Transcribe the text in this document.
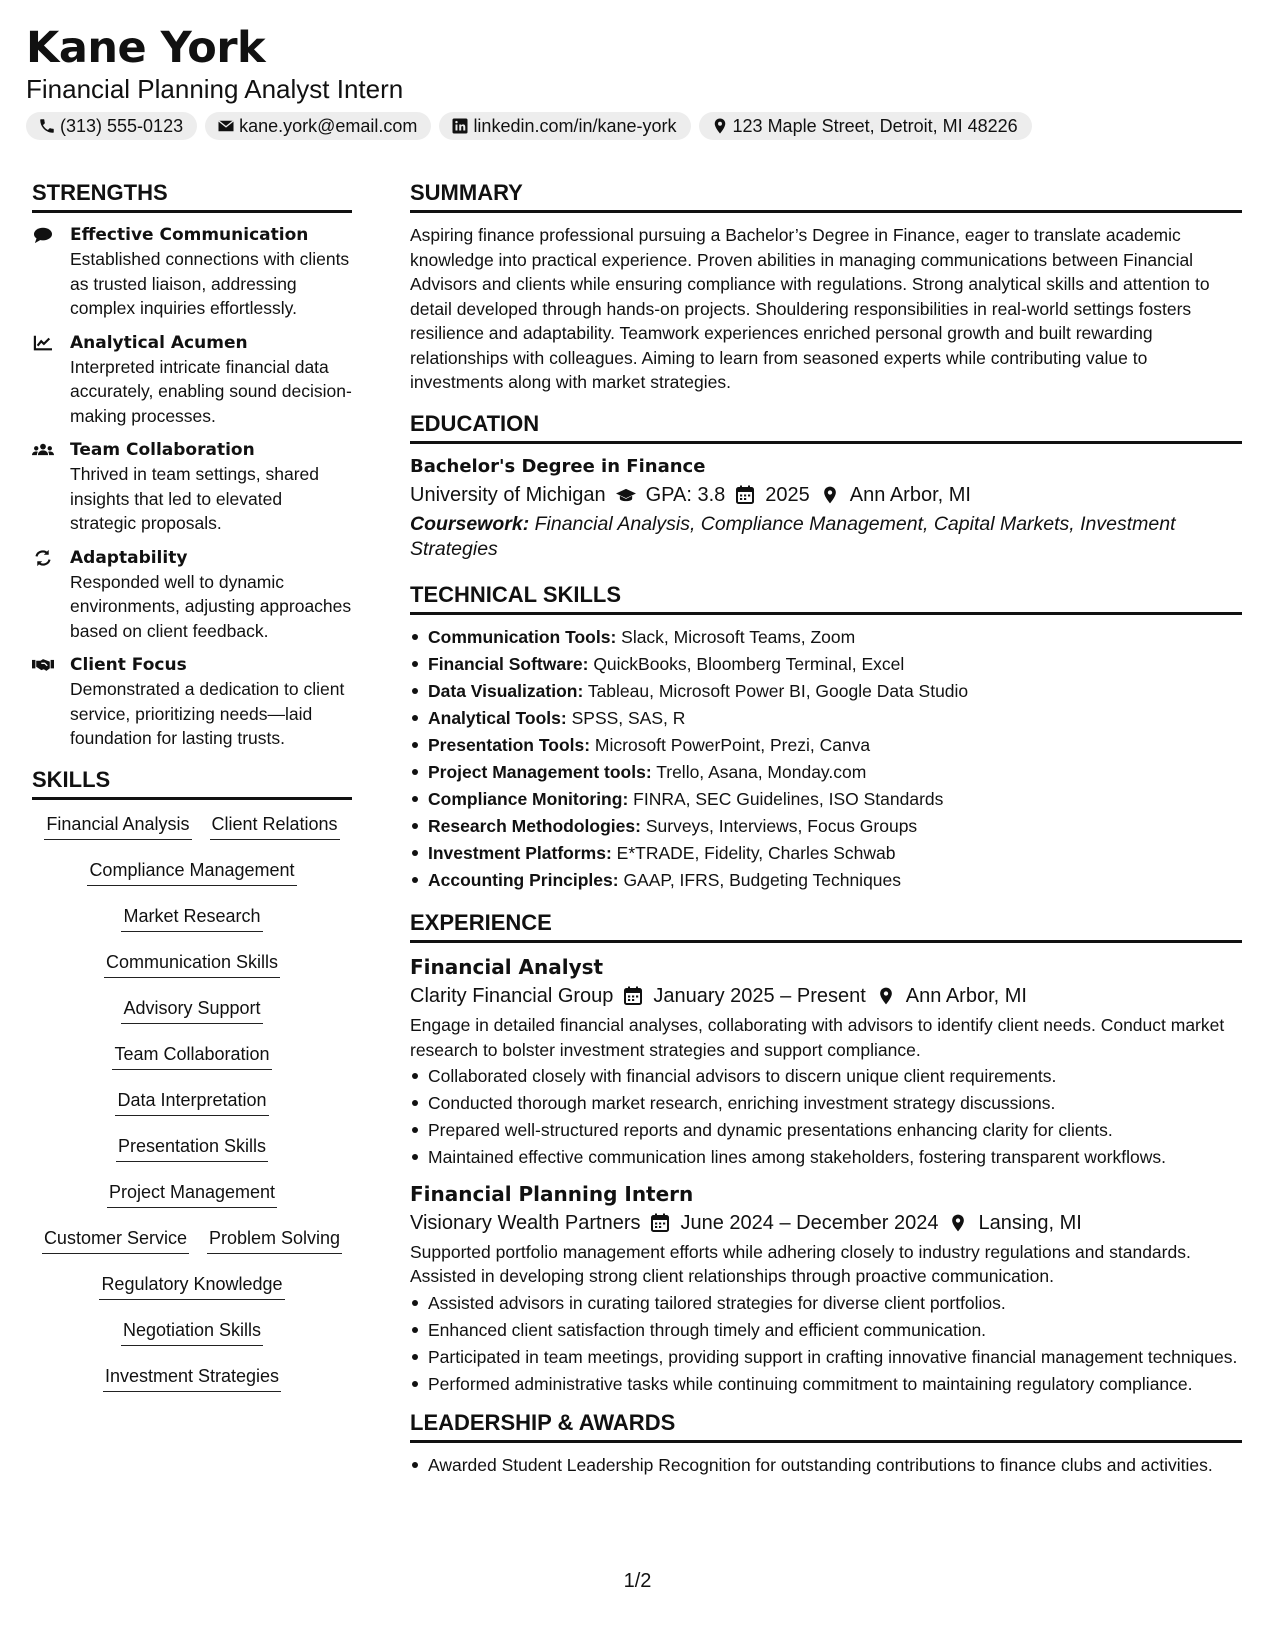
Kane York
Financial Planning Analyst Intern
(313) 555-0123	kane.york@email.com	linkedin.com/in/kane-york	123 Maple Street, Detroit, MI 48226
STRENGTHS
Effective Communication
Established connections with clients as trusted liaison, addressing complex inquiries effortlessly.
Analytical Acumen
Interpreted intricate financial data accurately, enabling sound decision-making processes.
Team Collaboration
Thrived in team settings, shared insights that led to elevated strategic proposals.
Adaptability
Responded well to dynamic environments, adjusting approaches based on client feedback.
Client Focus
Demonstrated a dedication to client service, prioritizing needs—laid foundation for lasting trusts.
SKILLS
Financial Analysis Client Relations
Compliance Management
Market Research
Communication Skills
Advisory Support
Team Collaboration
Data Interpretation
Presentation Skills
Project Management
Customer Service Problem Solving
Regulatory Knowledge
Negotiation Skills
Investment Strategies
SUMMARY
Aspiring finance professional pursuing a Bachelor’s Degree in Finance, eager to translate academic knowledge into practical experience. Proven abilities in managing communications between Financial Advisors and clients while ensuring compliance with regulations. Strong analytical skills and attention to detail developed through hands-on projects. Shouldering responsibilities in real-world settings fosters resilience and adaptability. Teamwork experiences enriched personal growth and built rewarding relationships with colleagues. Aiming to learn from seasoned experts while contributing value to investments along with market strategies.
EDUCATION
Bachelor's Degree in Finance
University of Michigan GPA: 3.8 2025 Ann Arbor, MI
Coursework: Financial Analysis, Compliance Management, Capital Markets, Investment Strategies
TECHNICAL SKILLS
Communication Tools: Slack, Microsoft Teams, Zoom
Financial Software: QuickBooks, Bloomberg Terminal, Excel
Data Visualization: Tableau, Microsoft Power BI, Google Data Studio
Analytical Tools: SPSS, SAS, R
Presentation Tools: Microsoft PowerPoint, Prezi, Canva
Project Management tools: Trello, Asana, Monday.com
Compliance Monitoring: FINRA, SEC Guidelines, ISO Standards
Research Methodologies: Surveys, Interviews, Focus Groups
Investment Platforms: E*TRADE, Fidelity, Charles Schwab
Accounting Principles: GAAP, IFRS, Budgeting Techniques
EXPERIENCE
Financial Analyst
Clarity Financial Group January 2025 – Present Ann Arbor, MI
Engage in detailed financial analyses, collaborating with advisors to identify client needs. Conduct market research to bolster investment strategies and support compliance.
Collaborated closely with financial advisors to discern unique client requirements.
Conducted thorough market research, enriching investment strategy discussions.
Prepared well-structured reports and dynamic presentations enhancing clarity for clients.
Maintained effective communication lines among stakeholders, fostering transparent workflows.
Financial Planning Intern
Visionary Wealth Partners June 2024 – December 2024 Lansing, MI
Supported portfolio management efforts while adhering closely to industry regulations and standards. Assisted in developing strong client relationships through proactive communication.
Assisted advisors in curating tailored strategies for diverse client portfolios.
Enhanced client satisfaction through timely and efficient communication.
Participated in team meetings, providing support in crafting innovative financial management techniques.
Performed administrative tasks while continuing commitment to maintaining regulatory compliance.
LEADERSHIP & AWARDS
Awarded Student Leadership Recognition for outstanding contributions to finance clubs and activities.
1/2
